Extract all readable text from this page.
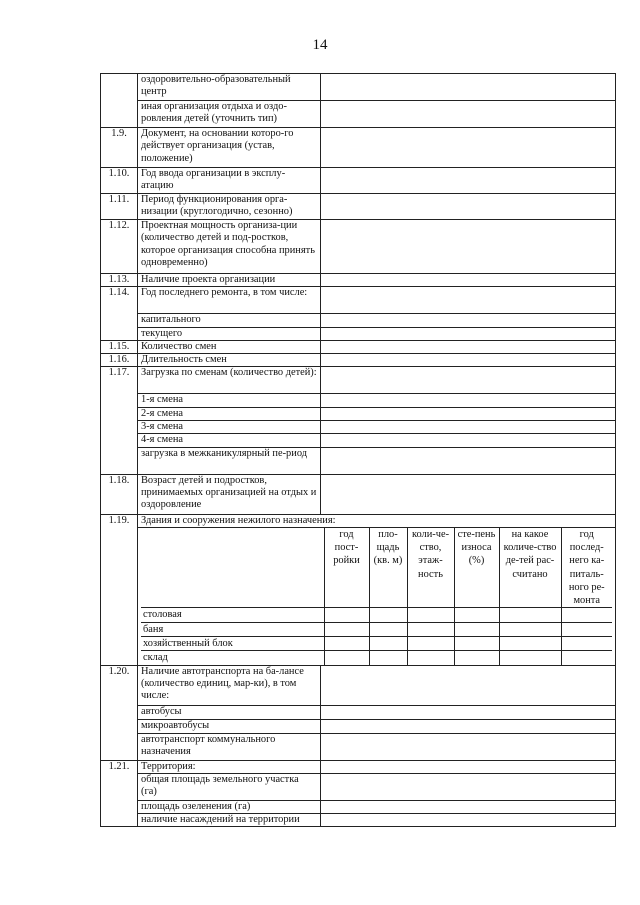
14
	оздоровительно-образовательный центр	
иная организация отдыха и оздо-ровления детей (уточнить тип)	
1.9.	Документ, на основании которо-го действует организация (устав, положение)	
1.10.	Год ввода организации в эксплу-атацию	
1.11.	Период функционирования орга-низации (круглогодично, сезонно)	
1.12.	Проектная мощность организа-ции (количество детей и под-ростков, которое организация способна принять одновременно)	
1.13.	Наличие проекта организации	
1.14.	Год последнего ремонта, в том числе:	
капитального	
текущего	
1.15.	Количество смен	
1.16.	Длительность смен	
1.17.	Загрузка по сменам (количество детей):	
1-я смена	
2-я смена	
3-я смена	
4-я смена	
загрузка в межканикулярный пе-риод	
1.18.	Возраст детей и подростков, принимаемых организацией на отдых и оздоровление	
1.19.	Здания и сооружения нежилого назначения:

	год пост-ройки	пло-щадь (кв. м)	коли-че-ство, этаж-ность	сте-пень износа (%)	на какое количе-ство де-тей рас-считано	год послед-него ка-питаль-ного ре-монта
столовая						
баня						
хозяйственный блок						
склад						

1.20.	Наличие автотранспорта на ба-лансе (количество единиц, мар-ки), в том числе:	
автобусы	
микроавтобусы	
автотранспорт коммунального назначения	
1.21.	Территория:	
общая площадь земельного участка (га)	
площадь озеленения (га)	
наличие насаждений на территории	
